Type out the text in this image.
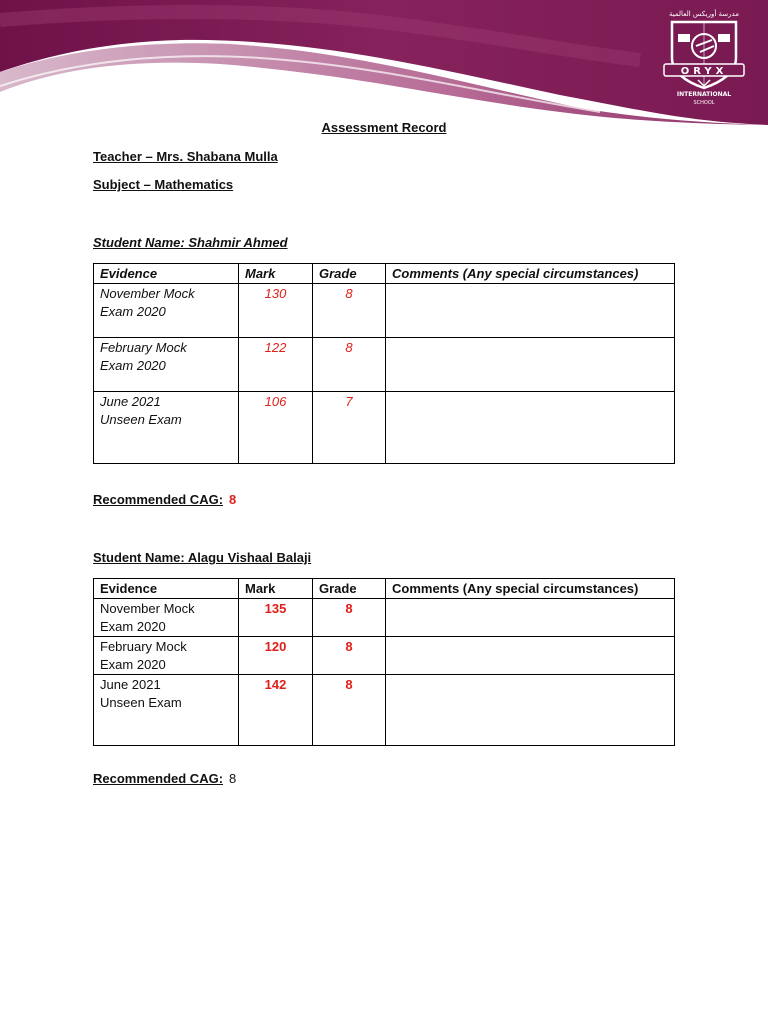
مدرسة أوريكس العالمية
ORYX
INTERNATIONAL
SCHOOL
Assessment Record
Teacher – Mrs. Shabana Mulla
Subject – Mathematics
Student Name: Shahmir Ahmed
Evidence	Mark	Grade	Comments (Any special circumstances)
November Mock
Exam 2020	130	8	
February Mock
Exam 2020	122	8	
June 2021
Unseen Exam	106	7	
Recommended CAG: 8
Student Name: Alagu Vishaal Balaji
Evidence	Mark	Grade	Comments (Any special circumstances)
November Mock
Exam 2020	135	8	
February Mock
Exam 2020	120	8	
June 2021
Unseen Exam	142	8	
Recommended CAG: 8
